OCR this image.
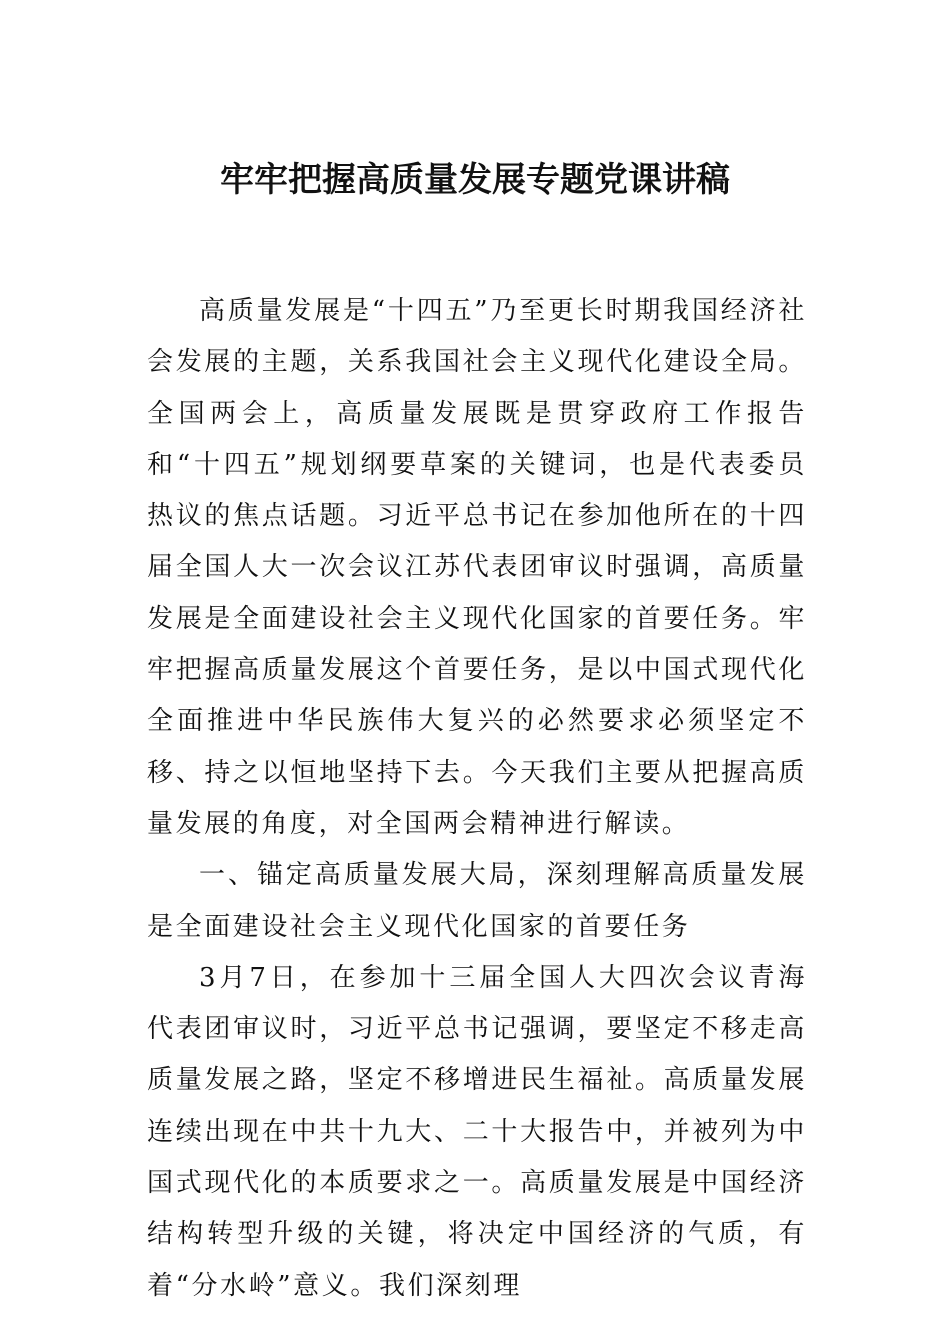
牢牢把握高质量发展专题党课讲稿

高质量发展是“十四五”乃至更长时期我国经济社会发展的主题，关系我国社会主义现代化建设全局。全国两会上，高质量发展既是贯穿政府工作报告和“十四五”规划纲要草案的关键词，也是代表委员热议的焦点话题。习近平总书记在参加他所在的十四届全国人大一次会议江苏代表团审议时强调，高质量发展是全面建设社会主义现代化国家的首要任务。牢牢把握高质量发展这个首要任务，是以中国式现代化全面推进中华民族伟大复兴的必然要求必须坚定不移、持之以恒地坚持下去。今天我们主要从把握高质量发展的角度，对全国两会精神进行解读。

一、锚定高质量发展大局，深刻理解高质量发展是全面建设社会主义现代化国家的首要任务

3月7日，在参加十三届全国人大四次会议青海代表团审议时，习近平总书记强调，要坚定不移走高质量发展之路，坚定不移增进民生福祉。高质量发展连续出现在中共十九大、二十大报告中，并被列为中国式现代化的本质要求之一。高质量发展是中国经济结构转型升级的关键，将决定中国经济的气质，有着“分水岭”意义。我们深刻理
